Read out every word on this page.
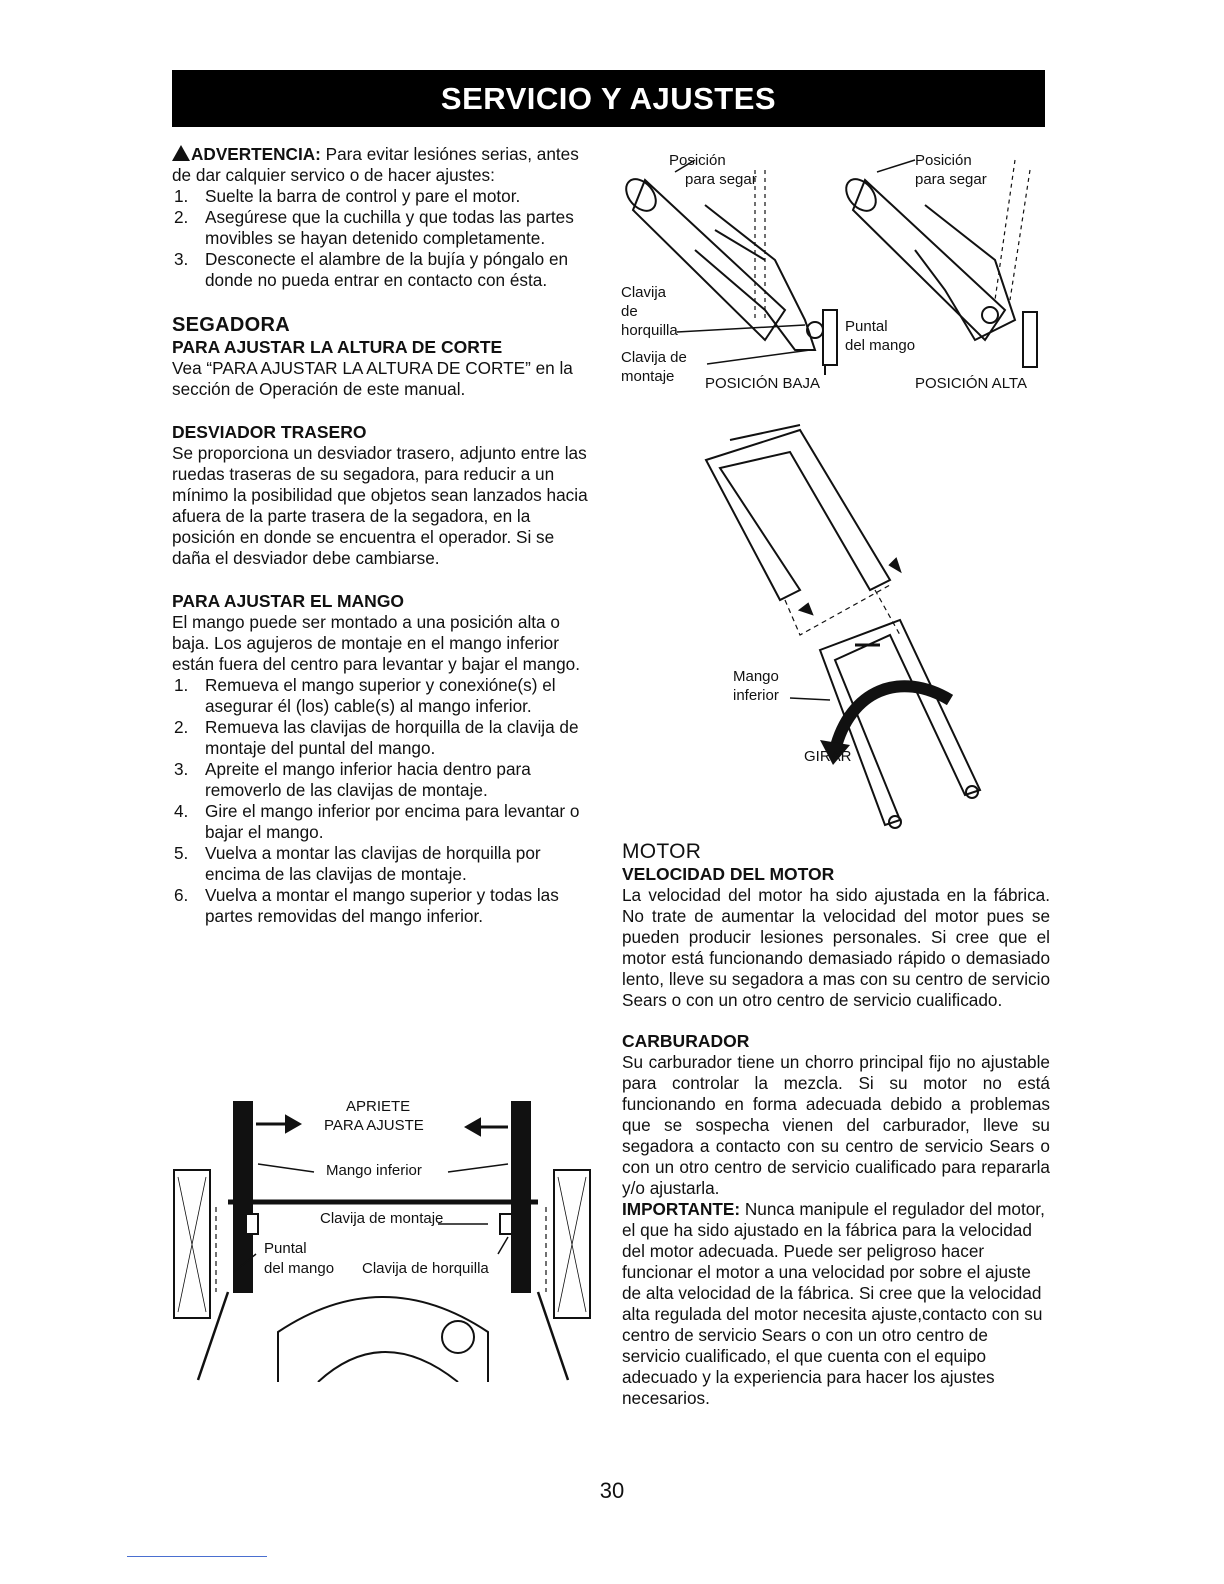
SERVICIO Y AJUSTES

ADVERTENCIA: Para evitar lesiónes serias, antes de dar calquier servico o de hacer ajustes:

1. Suelte la barra de control y pare el motor.
2. Asegúrese que la cuchilla y que todas las partes movibles se hayan detenido completamente.
3. Desconecte el alambre de la bujía y póngalo en donde no pueda entrar en contacto con ésta.
SEGADORA
PARA AJUSTAR LA ALTURA DE CORTE

Vea “PARA AJUSTAR LA ALTURA DE CORTE” en la sección de Operación de este manual.

DESVIADOR TRASERO

Se proporciona un desviador trasero, adjunto entre las ruedas traseras de su segadora, para reducir a un mínimo la posibilidad que objetos sean lanzados hacia afuera de la parte trasera de la segadora, en la posición en donde se encuentra el operador. Si se daña el desviador debe cambiarse.

PARA AJUSTAR EL MANGO

El mango puede ser montado a una posición alta o baja. Los agujeros de montaje en el mango inferior están fuera del centro para levantar y bajar el mango.

1. Remueva el mango superior y conexióne(s) el asegurar él (los) cable(s) al mango inferior.
2. Remueva las clavijas de horquilla de la clavija de montaje del puntal del mango.
3. Apreite el mango inferior hacia dentro para removerlo de las clavijas de montaje.
4. Gire el mango inferior por encima para levantar o bajar el mango.
5. Vuelva a montar las clavijas de horquilla por encima de las clavijas de montaje.
6. Vuelva a montar el mango superior y todas las partes removidas del mango inferior.
Posición
para segar
Posición
para segar
Clavija
de
horquilla
Clavija de
montaje
Puntal
del mango
POSICIÓN BAJA	POSICIÓN ALTA
Mango
inferior
GIRAR
APRIETE
PARA AJUSTE
Mango inferior
Clavija de montaje
Puntal
del mango Clavija de horquilla
MOTOR
VELOCIDAD DEL MOTOR

La velocidad del motor ha sido ajustada en la fábrica. No trate de aumentar la velocidad del motor pues se pueden producir lesiones personales. Si cree que el motor está funcionando demasiado rápido o demasiado lento, lleve su segadora a mas con su centro de servicio Sears o con un otro centro de servicio cualificado.

CARBURADOR

Su carburador tiene un chorro principal fijo no ajustable para controlar la mezcla. Si su motor no está funcionando en forma adecuada debido a problemas que se sospecha vienen del carburador, lleve su segadora a contacto con su centro de servicio Sears o con un otro centro de servicio cualificado para repararla y/o ajustarla.

IMPORTANTE: Nunca manipule el regulador del motor, el que ha sido ajustado en la fábrica para la velocidad del motor adecuada. Puede ser peligroso hacer funcionar el motor a una velocidad por sobre el ajuste de alta velocidad de la fábrica. Si cree que la velocidad alta regulada del motor necesita ajuste,contacto con su centro de servicio Sears o con un otro centro de servicio cualificado, el que cuenta con el equipo adecuado y la experiencia para hacer los ajustes necesarios.

30
